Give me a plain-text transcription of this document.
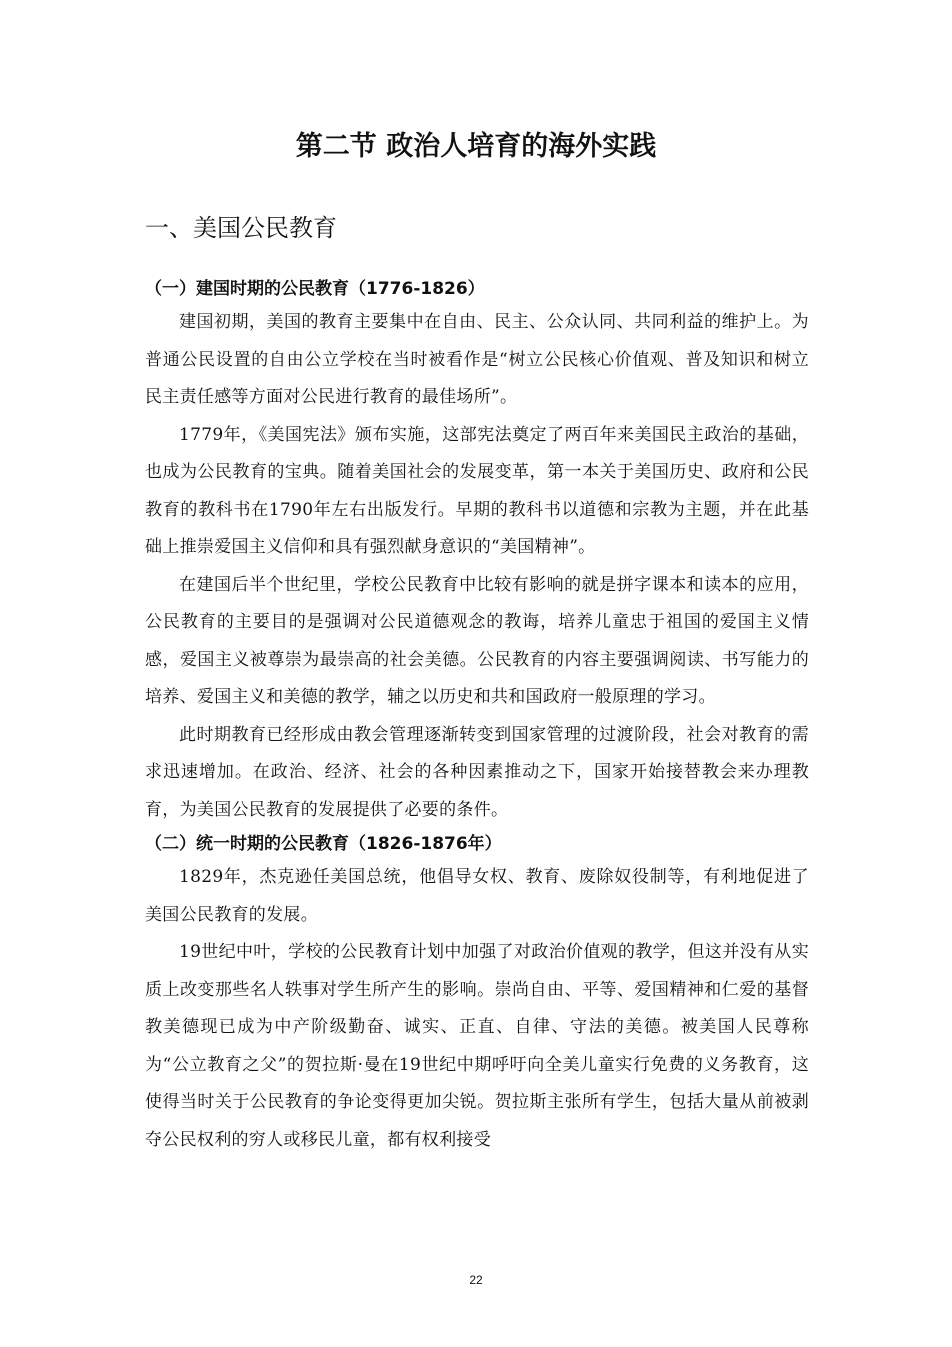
第二节 政治人培育的海外实践
一、美国公民教育
（一）建国时期的公民教育（1776-1826）

建国初期，美国的教育主要集中在自由、民主、公众认同、共同利益的维护上。为普通公民设置的自由公立学校在当时被看作是“树立公民核心价值观、普及知识和树立民主责任感等方面对公民进行教育的最佳场所”。

1779年，《美国宪法》颁布实施，这部宪法奠定了两百年来美国民主政治的基础，也成为公民教育的宝典。随着美国社会的发展变革，第一本关于美国历史、政府和公民教育的教科书在1790年左右出版发行。早期的教科书以道德和宗教为主题，并在此基础上推崇爱国主义信仰和具有强烈献身意识的“美国精神”。

在建国后半个世纪里，学校公民教育中比较有影响的就是拼字课本和读本的应用，公民教育的主要目的是强调对公民道德观念的教诲，培养儿童忠于祖国的爱国主义情感，爱国主义被尊崇为最崇高的社会美德。公民教育的内容主要强调阅读、书写能力的培养、爱国主义和美德的教学，辅之以历史和共和国政府一般原理的学习。

此时期教育已经形成由教会管理逐渐转变到国家管理的过渡阶段，社会对教育的需求迅速增加。在政治、经济、社会的各种因素推动之下，国家开始接替教会来办理教育，为美国公民教育的发展提供了必要的条件。

（二）统一时期的公民教育（1826-1876年）

1829年，杰克逊任美国总统，他倡导女权、教育、废除奴役制等，有利地促进了美国公民教育的发展。

19世纪中叶，学校的公民教育计划中加强了对政治价值观的教学，但这并没有从实质上改变那些名人轶事对学生所产生的影响。崇尚自由、平等、爱国精神和仁爱的基督教美德现已成为中产阶级勤奋、诚实、正直、自律、守法的美德。被美国人民尊称为“公立教育之父”的贺拉斯·曼在19世纪中期呼吁向全美儿童实行免费的义务教育，这使得当时关于公民教育的争论变得更加尖锐。贺拉斯主张所有学生，包括大量从前被剥夺公民权利的穷人或移民儿童，都有权利接受

22
